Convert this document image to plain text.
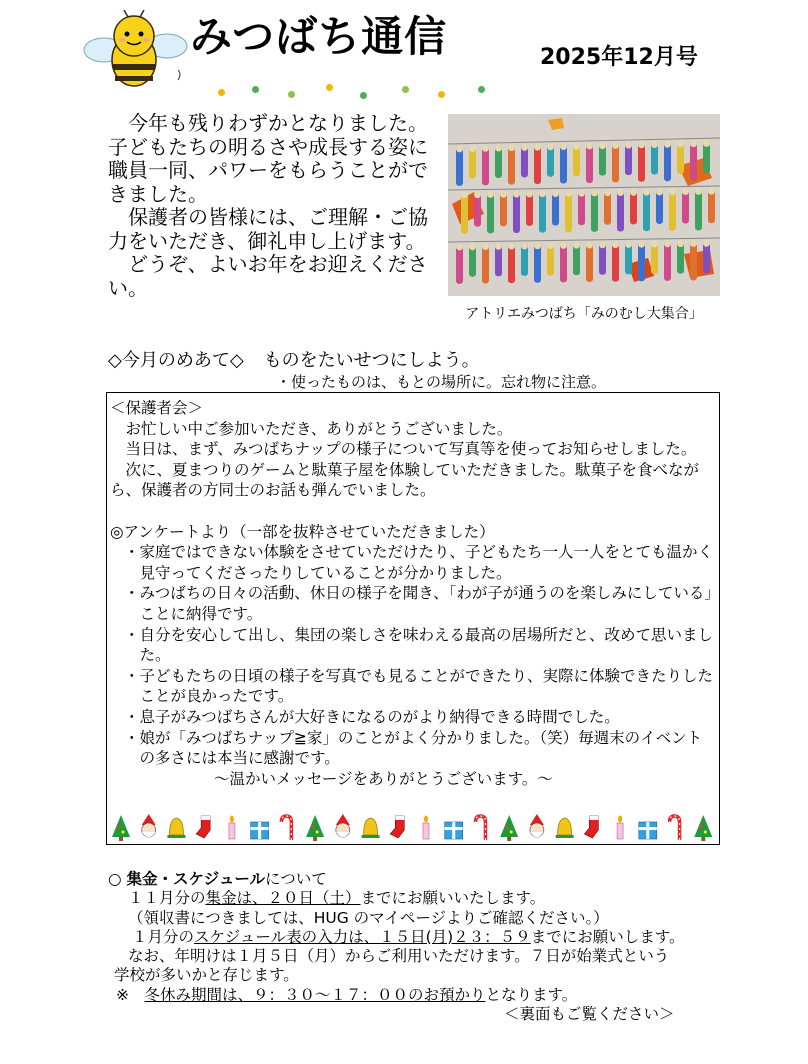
みつばち通信	2025年12月号

今年も残りわずかとなりました。子どもたちの明るさや成長する姿に職員一同、パワーをもらうことができました。

保護者の皆様には、ご理解・ご協力をいただき、御礼申し上げます。

どうぞ、よいお年をお迎えください。

アトリエみつばち「みのむし大集合」
◇今月のめあて◇ ものをたいせつにしよう。
・使ったものは、もとの場所に。忘れ物に注意。

＜保護者会＞

お忙しい中ご参加いただき、ありがとうございました。

当日は、まず、みつばちナップの様子について写真等を使ってお知らせしました。

次に、夏まつりのゲームと駄菓子屋を体験していただきました。駄菓子を食べながら、保護者の方同士のお話も弾んでいました。

◎アンケートより（一部を抜粋させていただきました）

・家庭ではできない体験をさせていただけたり、子どもたち一人一人をとても温かく見守ってくださったりしていることが分かりました。
・みつばちの日々の活動、休日の様子を聞き、「わが子が通うのを楽しみにしている」ことに納得です。
・自分を安心して出し、集団の楽しさを味わえる最高の居場所だと、改めて思いました。
・子どもたちの日頃の様子を写真でも見ることができたり、実際に体験できたりしたことが良かったです。
・息子がみつばちさんが大好きになるのがより納得できる時間でした。
・娘が「みつばちナップ≧家」のことがよく分かりました。（笑）毎週末のイベントの多さには本当に感謝です。

～温かいメッセージをありがとうございます。～

○ 集金・スケジュールについて

１１月分の集金は、２０日（土）までにお願いいたします。

（領収書につきましては、HUG のマイページよりご確認ください。）

１月分のスケジュール表の入力は、１５日(月)２３：５９までにお願いします。

なお、年明けは１月５日（月）からご利用いただけます。７日が始業式という

学校が多いかと存じます。

※　冬休み期間は、９：３０～１７：００のお預かりとなります。

＜裏面もご覧ください＞
